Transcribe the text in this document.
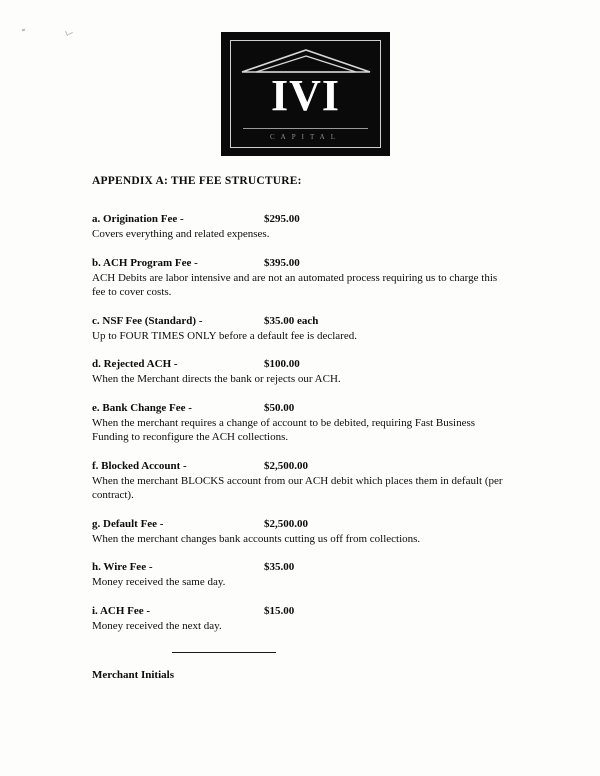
IVI
CAPITAL
APPENDIX A: THE FEE STRUCTURE:
a. Origination Fee -	$295.00

Covers everything and related expenses.

b. ACH Program Fee -	$395.00

ACH Debits are labor intensive and are not an automated process requiring us to charge this fee to cover costs.

c. NSF Fee (Standard) -	$35.00 each

Up to FOUR TIMES ONLY before a default fee is declared.

d. Rejected ACH -	$100.00

When the Merchant directs the bank or rejects our ACH.

e. Bank Change Fee -	$50.00

When the merchant requires a change of account to be debited, requiring Fast Business Funding to reconfigure the ACH collections.

f. Blocked Account -	$2,500.00

When the merchant BLOCKS account from our ACH debit which places them in default (per contract).

g. Default Fee -	$2,500.00

When the merchant changes bank accounts cutting us off from collections.

h. Wire Fee -	$35.00

Money received the same day.

i. ACH Fee -	$15.00

Money received the next day.

Merchant Initials
